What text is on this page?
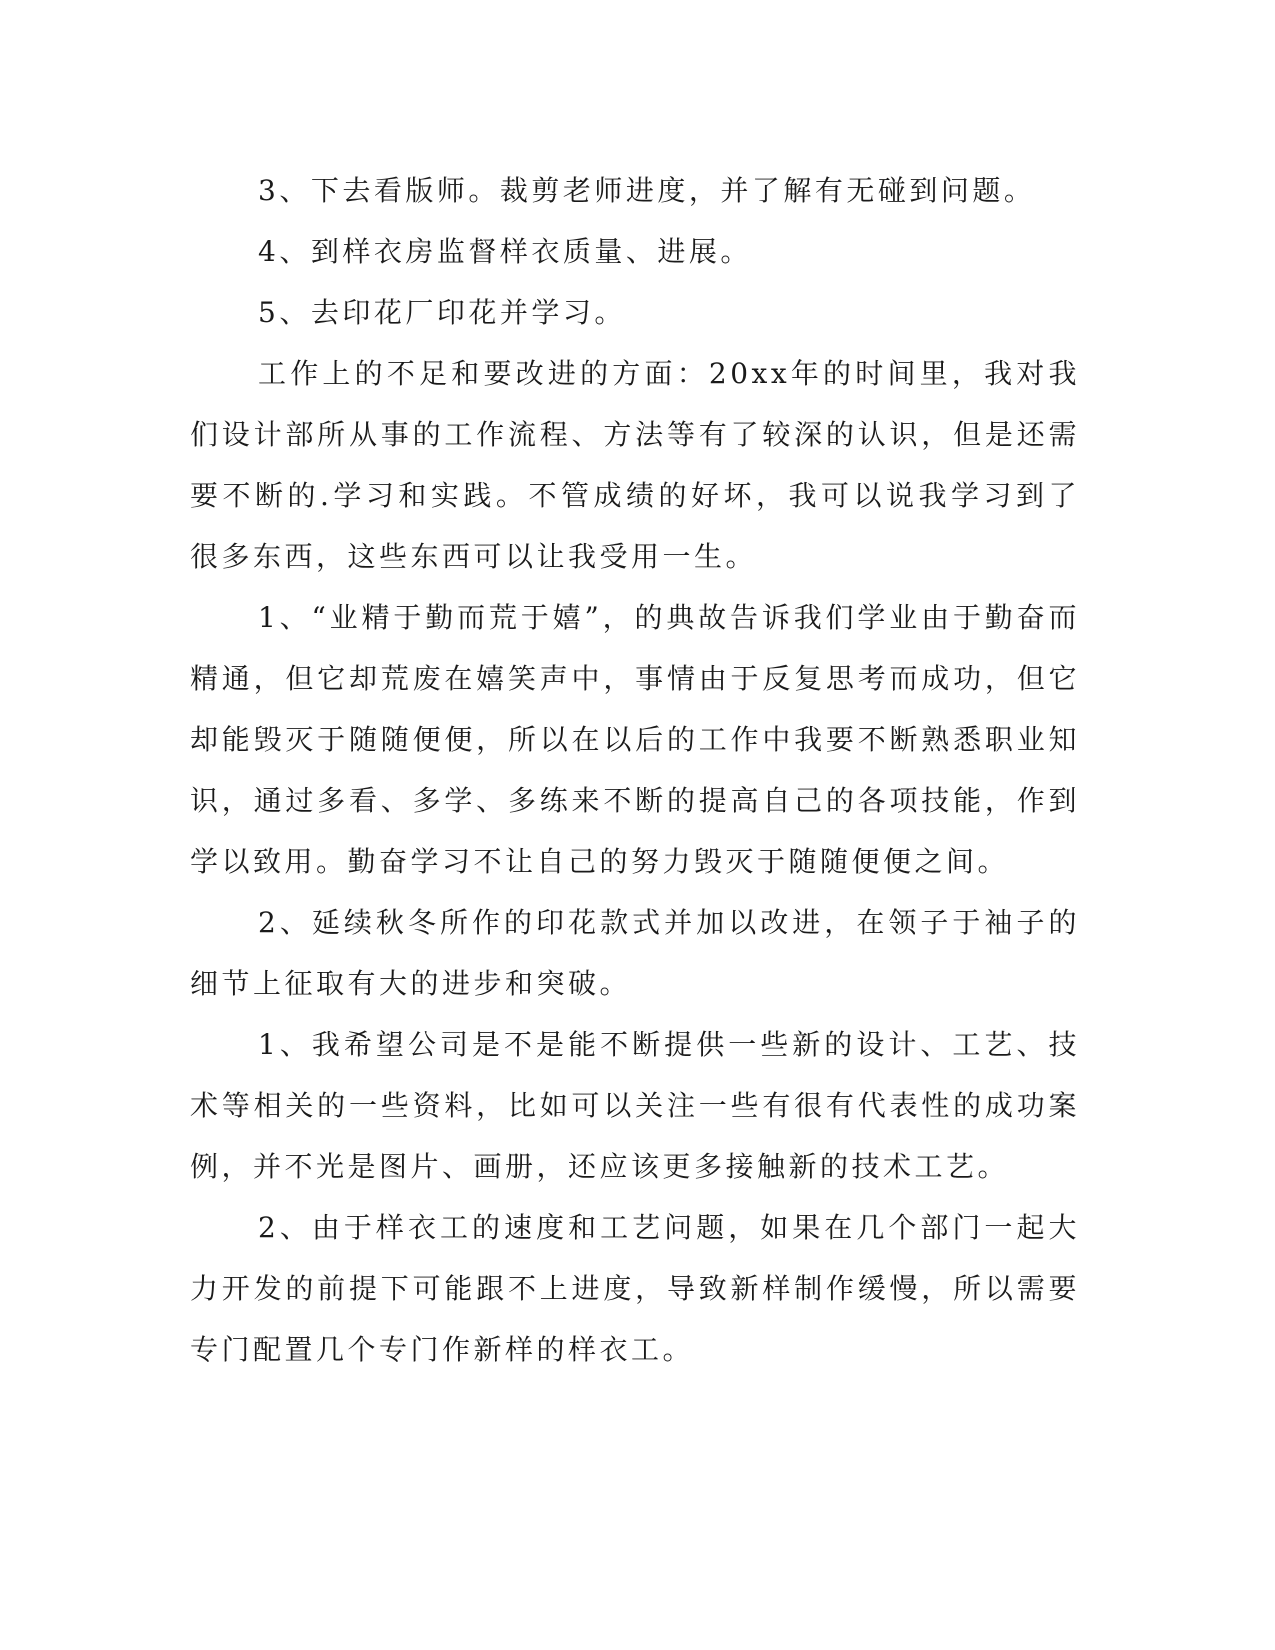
3、下去看版师。裁剪老师进度，并了解有无碰到问题。

4、到样衣房监督样衣质量、进展。

5、去印花厂印花并学习。

工作上的不足和要改进的方面：20xx年的时间里，我对我们设计部所从事的工作流程、方法等有了较深的认识，但是还需要不断的.学习和实践。不管成绩的好坏，我可以说我学习到了很多东西，这些东西可以让我受用一生。

1、“业精于勤而荒于嬉”，的典故告诉我们学业由于勤奋而精通，但它却荒废在嬉笑声中，事情由于反复思考而成功，但它却能毁灭于随随便便，所以在以后的工作中我要不断熟悉职业知识，通过多看、多学、多练来不断的提高自己的各项技能，作到学以致用。勤奋学习不让自己的努力毁灭于随随便便之间。

2、延续秋冬所作的印花款式并加以改进，在领子于袖子的细节上征取有大的进步和突破。

1、我希望公司是不是能不断提供一些新的设计、工艺、技术等相关的一些资料，比如可以关注一些有很有代表性的成功案例，并不光是图片、画册，还应该更多接触新的技术工艺。

2、由于样衣工的速度和工艺问题，如果在几个部门一起大力开发的前提下可能跟不上进度，导致新样制作缓慢，所以需要专门配置几个专门作新样的样衣工。
